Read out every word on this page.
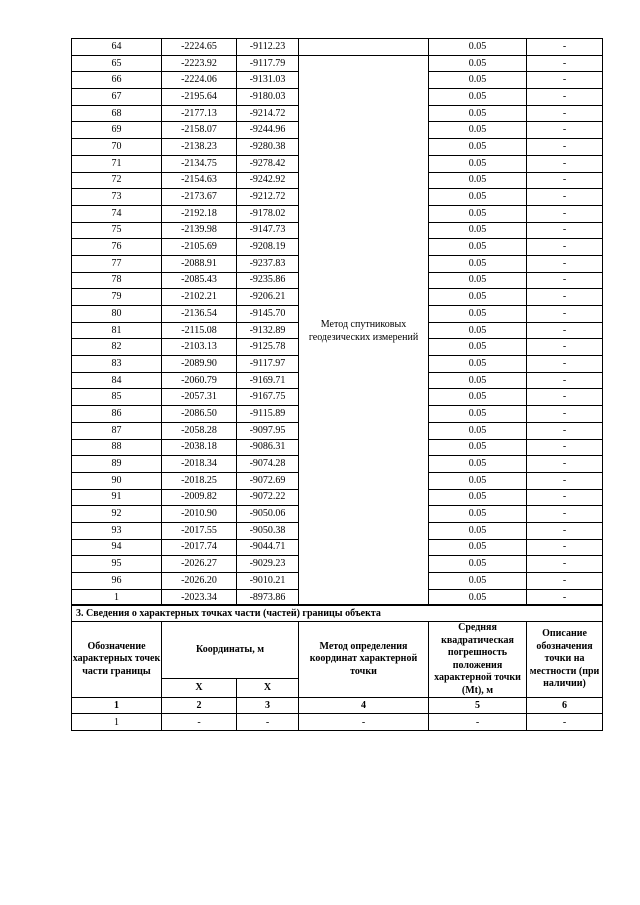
64	-2224.65	-9112.23		0.05	-
65	-2223.92	-9117.79	Метод спутниковых геодезических измерений	0.05	-
66	-2224.06	-9131.03		0.05	-
67	-2195.64	-9180.03		0.05	-
68	-2177.13	-9214.72		0.05	-
69	-2158.07	-9244.96		0.05	-
70	-2138.23	-9280.38		0.05	-
71	-2134.75	-9278.42		0.05	-
72	-2154.63	-9242.92		0.05	-
73	-2173.67	-9212.72		0.05	-
74	-2192.18	-9178.02		0.05	-
75	-2139.98	-9147.73		0.05	-
76	-2105.69	-9208.19		0.05	-
77	-2088.91	-9237.83		0.05	-
78	-2085.43	-9235.86		0.05	-
79	-2102.21	-9206.21		0.05	-
80	-2136.54	-9145.70		0.05	-
81	-2115.08	-9132.89		0.05	-
82	-2103.13	-9125.78		0.05	-
83	-2089.90	-9117.97		0.05	-
84	-2060.79	-9169.71		0.05	-
85	-2057.31	-9167.75		0.05	-
86	-2086.50	-9115.89		0.05	-
87	-2058.28	-9097.95		0.05	-
88	-2038.18	-9086.31		0.05	-
89	-2018.34	-9074.28		0.05	-
90	-2018.25	-9072.69		0.05	-
91	-2009.82	-9072.22		0.05	-
92	-2010.90	-9050.06		0.05	-
93	-2017.55	-9050.38		0.05	-
94	-2017.74	-9044.71		0.05	-
95	-2026.27	-9029.23		0.05	-
96	-2026.20	-9010.21		0.05	-
1	-2023.34	-8973.86		0.05	-
3. Сведения о характерных точках части (частей) границы объекта					
Обозначение характерных точек части границы	Координаты, м		Метод определения координат характерной точки	Средняя квадратическая погрешность положения характерной точки (Mt), м	Описание обозначения точки на местности (при наличии)
	X	X			
1	2	3	4	5	6
1	-	-	-	-	-
